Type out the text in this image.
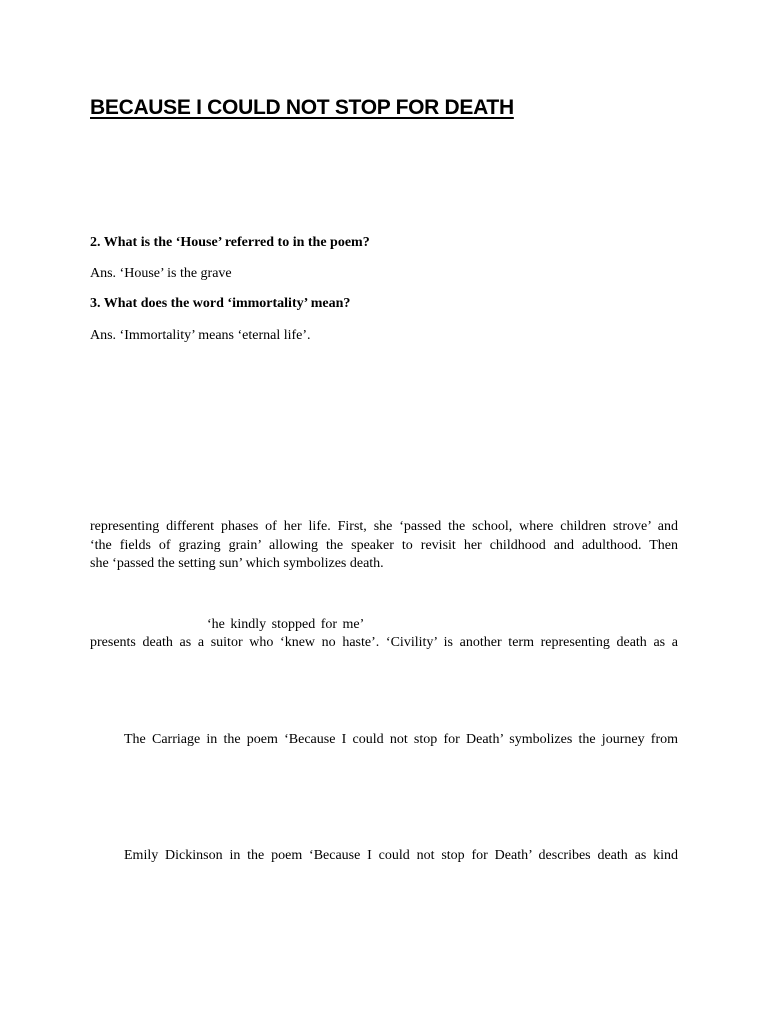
BECAUSE I COULD NOT STOP FOR DEATH
2. What is the ‘House’ referred to in the poem?
Ans. ‘House’ is the grave
3. What does the word ‘immortality’ mean?
Ans. ‘Immortality’ means ‘eternal life’.
representing different phases of her life. First, she ‘passed the school, where children strove’ and
‘the fields of grazing grain’ allowing the speaker to revisit her childhood and adulthood. Then
she ‘passed the setting sun’ which symbolizes death.
‘he kindly stopped for me’
presents death as a suitor who ‘knew no haste’. ‘Civility’ is another term representing death as a
The Carriage in the poem ‘Because I could not stop for Death’ symbolizes the journey from
Emily Dickinson in the poem ‘Because I could not stop for Death’ describes death as kind
